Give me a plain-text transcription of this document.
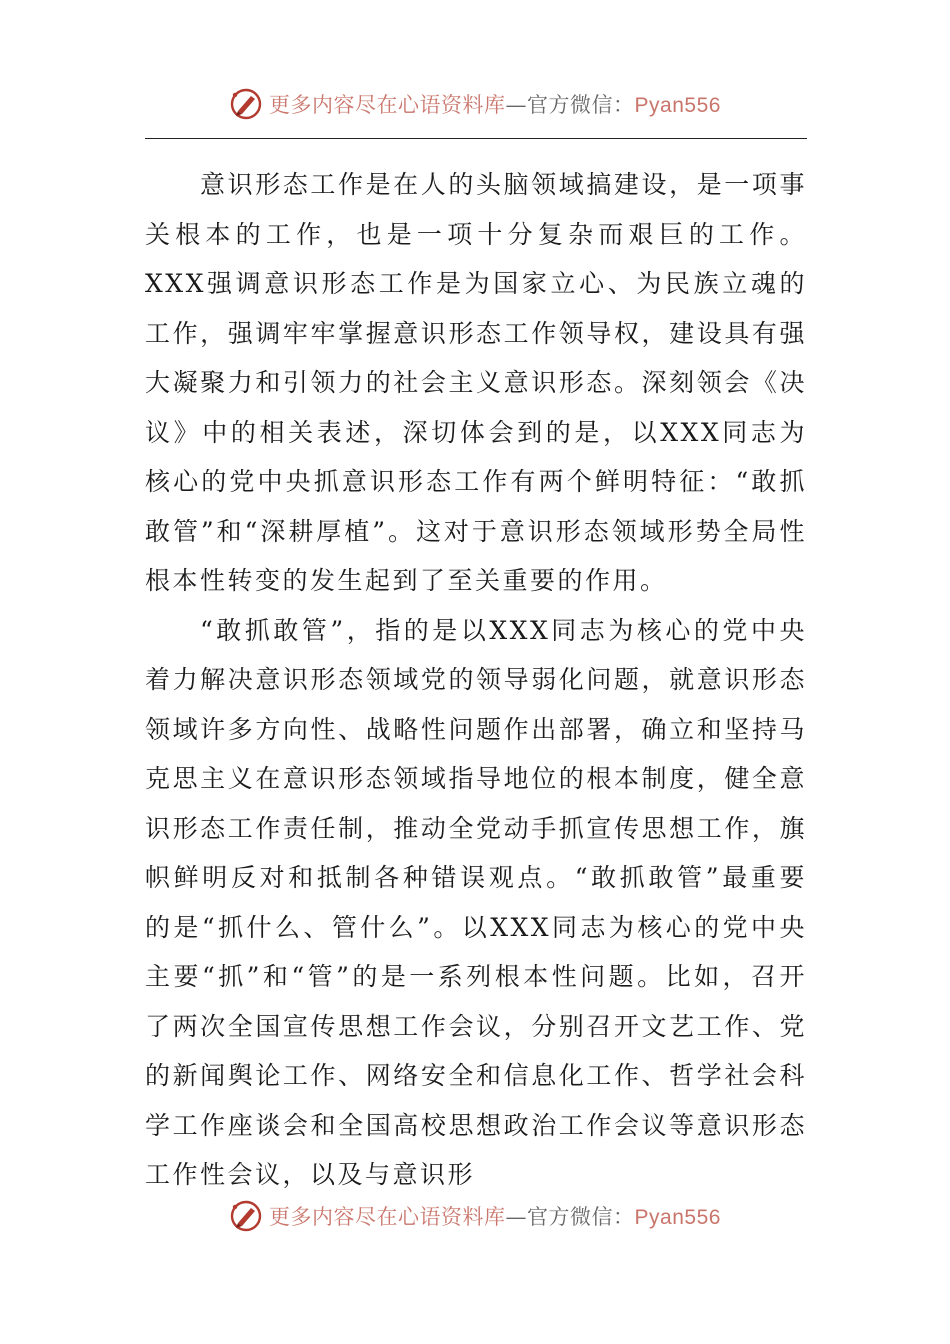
更多内容尽在心语资料库—官方微信：Pyan556

意识形态工作是在人的头脑领域搞建设，是一项事关根本的工作，也是一项十分复杂而艰巨的工作。XXX强调意识形态工作是为国家立心、为民族立魂的工作，强调牢牢掌握意识形态工作领导权，建设具有强大凝聚力和引领力的社会主义意识形态。深刻领会《决议》中的相关表述，深切体会到的是，以XXX同志为核心的党中央抓意识形态工作有两个鲜明特征：“敢抓敢管”和“深耕厚植”。这对于意识形态领域形势全局性根本性转变的发生起到了至关重要的作用。

“敢抓敢管”，指的是以XXX同志为核心的党中央着力解决意识形态领域党的领导弱化问题，就意识形态领域许多方向性、战略性问题作出部署，确立和坚持马克思主义在意识形态领域指导地位的根本制度，健全意识形态工作责任制，推动全党动手抓宣传思想工作，旗帜鲜明反对和抵制各种错误观点。“敢抓敢管”最重要的是“抓什么、管什么”。以XXX同志为核心的党中央主要“抓”和“管”的是一系列根本性问题。比如，召开了两次全国宣传思想工作会议，分别召开文艺工作、党的新闻舆论工作、网络安全和信息化工作、哲学社会科学工作座谈会和全国高校思想政治工作会议等意识形态工作性会议，以及与意识形

更多内容尽在心语资料库—官方微信：Pyan556
